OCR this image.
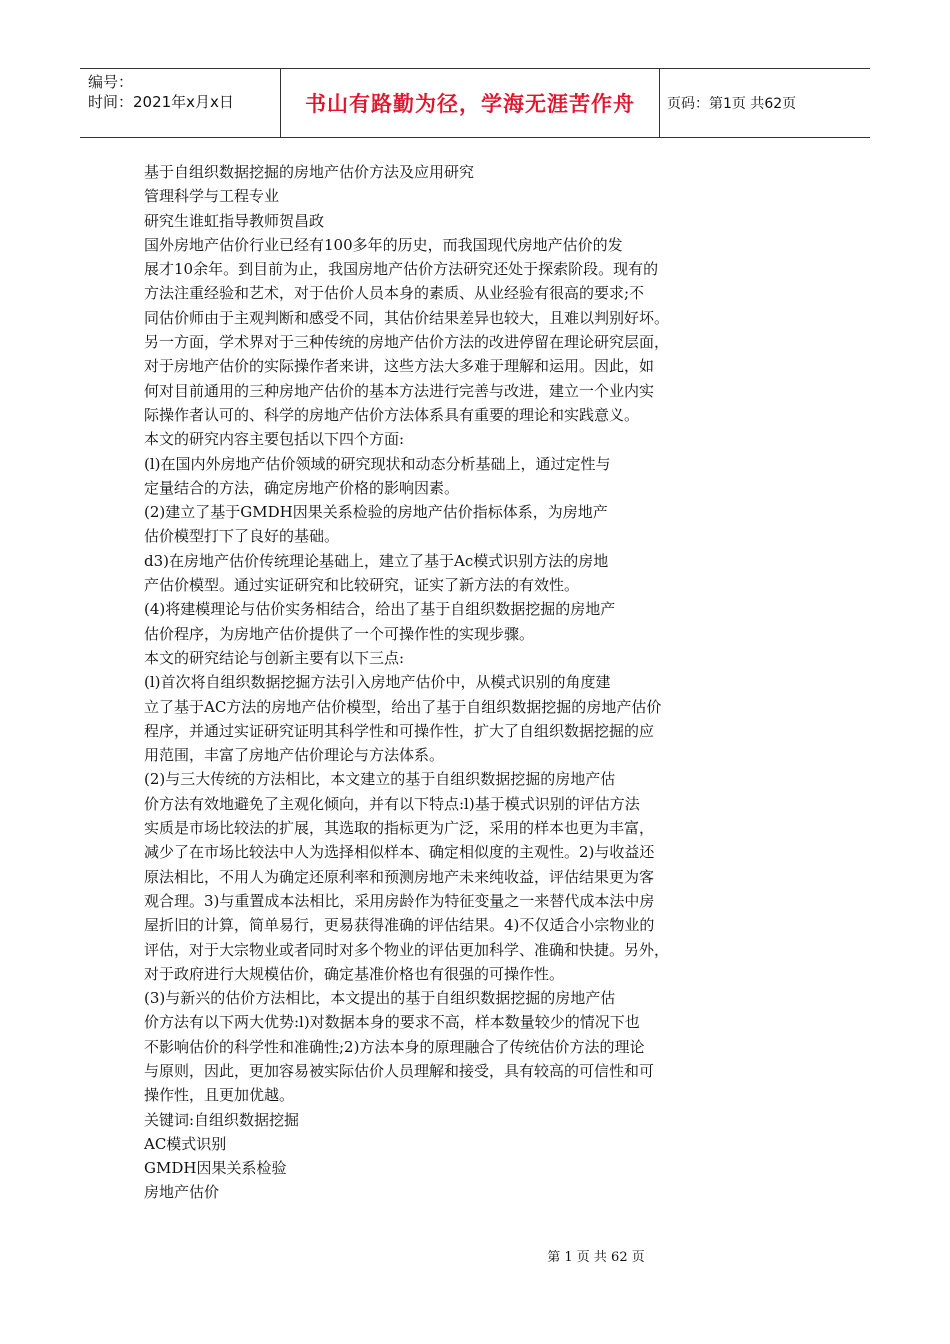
编号：
时间：2021年x月x日	书山有路勤为径，学海无涯苦作舟	页码：第1页 共62页
基于自组织数据挖掘的房地产估价方法及应用研究
管理科学与工程专业
研究生谁虹指导教师贺昌政
国外房地产估价行业已经有100多年的历史，而我国现代房地产估价的发
展才10余年。到目前为止，我国房地产估价方法研究还处于探索阶段。现有的
方法注重经验和艺术，对于估价人员本身的素质、从业经验有很高的要求;不
同估价师由于主观判断和感受不同，其估价结果差异也较大，且难以判别好坏。
另一方面，学术界对于三种传统的房地产估价方法的改进停留在理论研究层面，
对于房地产估价的实际操作者来讲，这些方法大多难于理解和运用。因此，如
何对目前通用的三种房地产估价的基本方法进行完善与改进，建立一个业内实
际操作者认可的、科学的房地产估价方法体系具有重要的理论和实践意义。
本文的研究内容主要包括以下四个方面:
(l)在国内外房地产估价领域的研究现状和动态分析基础上，通过定性与
定量结合的方法，确定房地产价格的影响因素。
(2)建立了基于GMDH因果关系检验的房地产估价指标体系，为房地产
估价模型打下了良好的基础。
d3)在房地产估价传统理论基础上，建立了基于Ac模式识别方法的房地
产估价模型。通过实证研究和比较研究，证实了新方法的有效性。
(4)将建模理论与估价实务相结合，给出了基于自组织数据挖掘的房地产
估价程序，为房地产估价提供了一个可操作性的实现步骤。
本文的研究结论与创新主要有以下三点:
(l)首次将自组织数据挖掘方法引入房地产估价中，从模式识别的角度建
立了基于AC方法的房地产估价模型，给出了基于自组织数据挖掘的房地产估价
程序，并通过实证研究证明其科学性和可操作性，扩大了自组织数据挖掘的应
用范围，丰富了房地产估价理论与方法体系。
(2)与三大传统的方法相比，本文建立的基于自组织数据挖掘的房地产估
价方法有效地避免了主观化倾向，并有以下特点:l)基于模式识别的评估方法
实质是市场比较法的扩展，其选取的指标更为广泛，采用的样本也更为丰富，
减少了在市场比较法中人为选择相似样本、确定相似度的主观性。2)与收益还
原法相比，不用人为确定还原利率和预测房地产未来纯收益，评估结果更为客
观合理。3)与重置成本法相比，采用房龄作为特征变量之一来替代成本法中房
屋折旧的计算，简单易行，更易获得准确的评估结果。4)不仅适合小宗物业的
评估，对于大宗物业或者同时对多个物业的评估更加科学、准确和快捷。另外，
对于政府进行大规模估价，确定基准价格也有很强的可操作性。
(3)与新兴的估价方法相比，本文提出的基于自组织数据挖掘的房地产估
价方法有以下两大优势:l)对数据本身的要求不高，样本数量较少的情况下也
不影响估价的科学性和准确性;2)方法本身的原理融合了传统估价方法的理论
与原则，因此，更加容易被实际估价人员理解和接受，具有较高的可信性和可
操作性，且更加优越。
关键词:自组织数据挖掘
AC模式识别
GMDH因果关系检验
房地产估价
第 1 页 共 62 页
